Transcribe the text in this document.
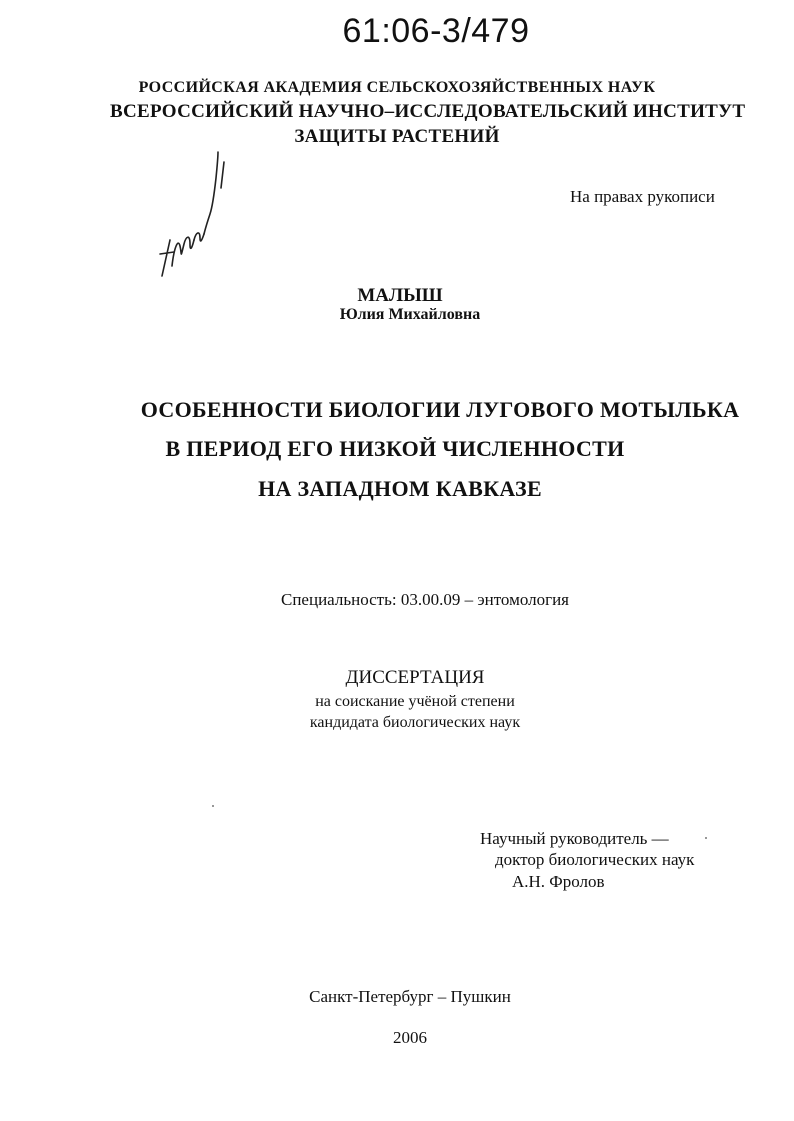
61:06-3/479
РОССИЙСКАЯ АКАДЕМИЯ СЕЛЬСКОХОЗЯЙСТВЕННЫХ НАУК
ВСЕРОССИЙСКИЙ НАУЧНО–ИССЛЕДОВАТЕЛЬСКИЙ ИНСТИТУТ
ЗАЩИТЫ РАСТЕНИЙ
На правах рукописи
МАЛЫШ
Юлия Михайловна
ОСОБЕННОСТИ БИОЛОГИИ ЛУГОВОГО МОТЫЛЬКА
В ПЕРИОД ЕГО НИЗКОЙ ЧИСЛЕННОСТИ
НА ЗАПАДНОМ КАВКАЗЕ
Специальность: 03.00.09 – энтомология
ДИССЕРТАЦИЯ
на соискание учёной степени
кандидата биологических наук
Научный руководитель —
доктор биологических наук
А.Н. Фролов
Санкт-Петербург – Пушкин
2006
